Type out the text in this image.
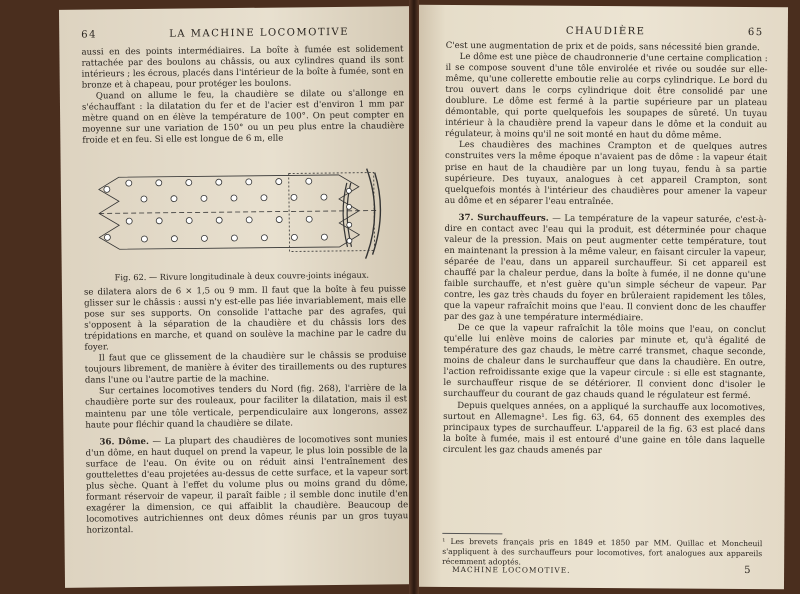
64	LA MACHINE LOCOMOTIVE

aussi en des points intermédiaires. La boîte à fumée est solidement rattachée par des boulons au châssis, ou aux cylindres quand ils sont intérieurs ; les écrous, placés dans l'intérieur de la boîte à fumée, sont en bronze et à chapeau, pour protéger les boulons.

Quand on allume le feu, la chaudière se dilate ou s'allonge en s'échauffant : la dilatation du fer et de l'acier est d'environ 1 mm par mètre quand on en élève la température de 100°. On peut compter en moyenne sur une variation de 150° ou un peu plus entre la chaudière froide et en feu. Si elle est longue de 6 m, elle

Fig. 62. — Rivure longitudinale à deux couvre-joints inégaux.

se dilatera alors de 6 × 1,5 ou 9 mm. Il faut que la boîte à feu puisse glisser sur le châssis : aussi n'y est-elle pas liée invariablement, mais elle pose sur ses supports. On consolide l'attache par des agrafes, qui s'opposent à la séparation de la chaudière et du châssis lors des trépidations en marche, et quand on soulève la machine par le cadre du foyer.

Il faut que ce glissement de la chaudière sur le châssis se produise toujours librement, de manière à éviter des tiraillements ou des ruptures dans l'une ou l'autre partie de la machine.

Sur certaines locomotives tenders du Nord (fig. 268), l'arrière de la chaudière porte sur des rouleaux, pour faciliter la dilatation, mais il est maintenu par une tôle verticale, perpendiculaire aux longerons, assez haute pour fléchir quand la chaudière se dilate.

36. Dôme. — La plupart des chaudières de locomotives sont munies d'un dôme, en haut duquel on prend la vapeur, le plus loin possible de la surface de l'eau. On évite ou on réduit ainsi l'entraînement des gouttelettes d'eau projetées au-dessus de cette surface, et la vapeur sort plus sèche. Quant à l'effet du volume plus ou moins grand du dôme, formant réservoir de vapeur, il paraît faible ; il semble donc inutile d'en exagérer la dimension, ce qui affaiblit la chaudière. Beaucoup de locomotives autrichiennes ont deux dômes réunis par un gros tuyau horizontal.

CHAUDIÈRE	65

C'est une augmentation de prix et de poids, sans nécessité bien grande.

Le dôme est une pièce de chaudronnerie d'une certaine complication : il se compose souvent d'une tôle enviroléе et rivée ou soudée sur elle-même, qu'une collerette emboutie relie au corps cylindrique. Le bord du trou ouvert dans le corps cylindrique doit être consolidé par une doublure. Le dôme est fermé à la partie supérieure par un plateau démontable, qui porte quelquefois les soupapes de sûreté. Un tuyau intérieur à la chaudière prend la vapeur dans le dôme et la conduit au régulateur, à moins qu'il ne soit monté en haut du dôme même.

Les chaudières des machines Crampton et de quelques autres construites vers la même époque n'avaient pas de dôme : la vapeur était prise en haut de la chaudière par un long tuyau, fendu à sa partie supérieure. Des tuyaux, analogues à cet appareil Crampton, sont quelquefois montés à l'intérieur des chaudières pour amener la vapeur au dôme et en séparer l'eau entraînée.

37. Surchauffeurs. — La température de la vapeur saturée, c'est-à-dire en contact avec l'eau qui la produit, est déterminée pour chaque valeur de la pression. Mais on peut augmenter cette température, tout en maintenant la pression à la même valeur, en faisant circuler la vapeur, séparée de l'eau, dans un appareil surchauffeur. Si cet appareil est chauffé par la chaleur perdue, dans la boîte à fumée, il ne donne qu'une faible surchauffe, et n'est guère qu'un simple sécheur de vapeur. Par contre, les gaz très chauds du foyer en brûleraient rapidement les tôles, que la vapeur rafraîchit moins que l'eau. Il convient donc de les chauffer par des gaz à une température intermédiaire.

De ce que la vapeur rafraîchit la tôle moins que l'eau, on conclut qu'elle lui enlève moins de calories par minute et, qu'à égalité de température des gaz chauds, le mètre carré transmet, chaque seconde, moins de chaleur dans le surchauffeur que dans la chaudière. En outre, l'action refroidissante exige que la vapeur circule : si elle est stagnante, le surchauffeur risque de se détériorer. Il convient donc d'isoler le surchauffeur du courant de gaz chauds quand le régulateur est fermé.

Depuis quelques années, on a appliqué la surchauffe aux locomotives, surtout en Allemagne¹. Les fig. 63, 64, 65 donnent des exemples des principaux types de surchauffeur. L'appareil de la fig. 63 est placé dans la boîte à fumée, mais il est entouré d'une gaine en tôle dans laquelle circulent les gaz chauds amenés par

¹ Les brevets français pris en 1849 et 1850 par MM. Quillac et Moncheuil s'appliquent à des surchauffeurs pour locomotives, fort analogues aux appareils récemment adoptés.
MACHINE LOCOMOTIVE.	5
